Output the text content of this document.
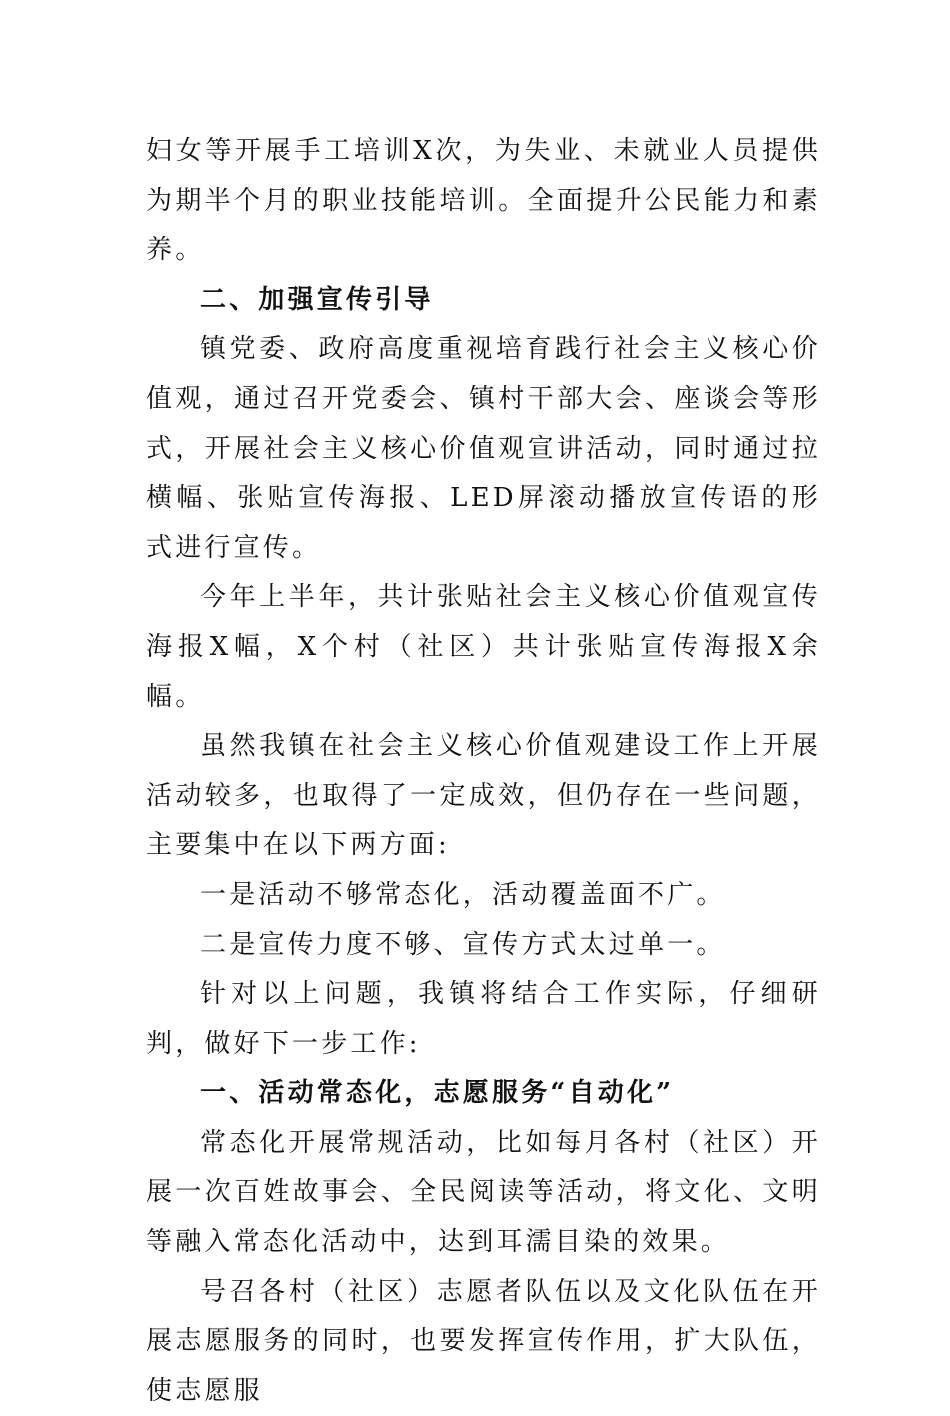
妇女等开展手工培训X次，为失业、未就业人员提供为期半个月的职业技能培训。全面提升公民能力和素养。

二、加强宣传引导

镇党委、政府高度重视培育践行社会主义核心价值观，通过召开党委会、镇村干部大会、座谈会等形式，开展社会主义核心价值观宣讲活动，同时通过拉横幅、张贴宣传海报、LED屏滚动播放宣传语的形式进行宣传。

今年上半年，共计张贴社会主义核心价值观宣传海报X幅，X个村（社区）共计张贴宣传海报X余幅。

虽然我镇在社会主义核心价值观建设工作上开展活动较多，也取得了一定成效，但仍存在一些问题，主要集中在以下两方面:

一是活动不够常态化，活动覆盖面不广。

二是宣传力度不够、宣传方式太过单一。

针对以上问题，我镇将结合工作实际，仔细研判，做好下一步工作:

一、活动常态化，志愿服务“自动化”

常态化开展常规活动，比如每月各村（社区）开展一次百姓故事会、全民阅读等活动，将文化、文明等融入常态化活动中，达到耳濡目染的效果。

号召各村（社区）志愿者队伍以及文化队伍在开展志愿服务的同时，也要发挥宣传作用，扩大队伍，使志愿服
